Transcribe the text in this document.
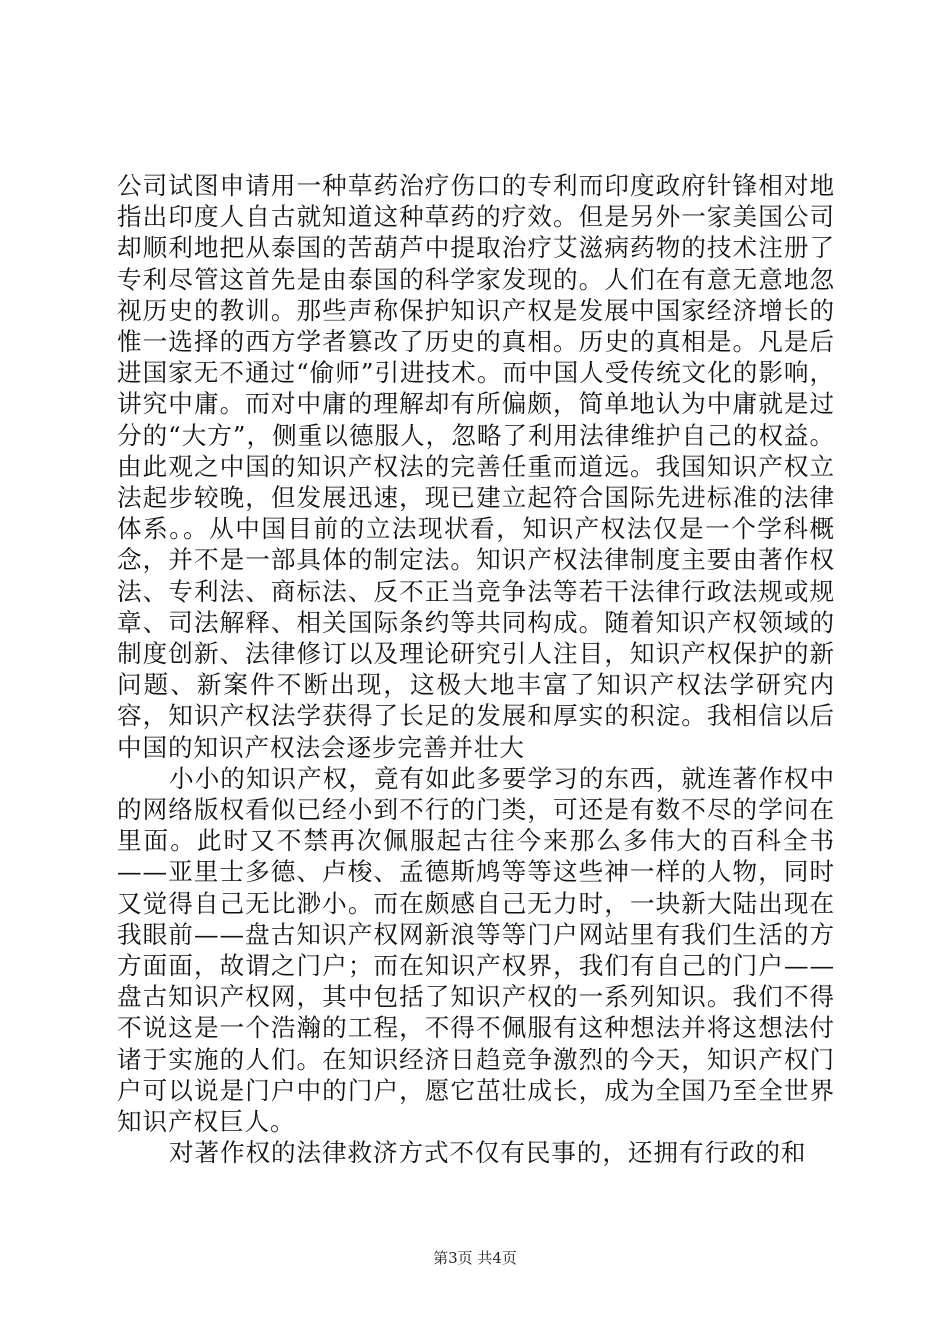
公司试图申请用一种草药治疗伤口的专利而印度政府针锋相对地指出印度人自古就知道这种草药的疗效。但是另外一家美国公司却顺利地把从泰国的苦葫芦中提取治疗艾滋病药物的技术注册了专利尽管这首先是由泰国的科学家发现的。人们在有意无意地忽视历史的教训。那些声称保护知识产权是发展中国家经济增长的惟一选择的西方学者篡改了历史的真相。历史的真相是。凡是后进国家无不通过“偷师”引进技术。而中国人受传统文化的影响，讲究中庸。而对中庸的理解却有所偏颇，简单地认为中庸就是过分的“大方”，侧重以德服人，忽略了利用法律维护自己的权益。由此观之中国的知识产权法的完善任重而道远。我国知识产权立法起步较晚，但发展迅速，现已建立起符合国际先进标准的法律体系。。从中国目前的立法现状看，知识产权法仅是一个学科概念，并不是一部具体的制定法。知识产权法律制度主要由著作权法、专利法、商标法、反不正当竞争法等若干法律行政法规或规章、司法解释、相关国际条约等共同构成。随着知识产权领域的制度创新、法律修订以及理论研究引人注目，知识产权保护的新问题、新案件不断出现，这极大地丰富了知识产权法学研究内容，知识产权法学获得了长足的发展和厚实的积淀。我相信以后中国的知识产权法会逐步完善并壮大

小小的知识产权，竟有如此多要学习的东西，就连著作权中的网络版权看似已经小到不行的门类，可还是有数不尽的学问在里面。此时又不禁再次佩服起古往今来那么多伟大的百科全书——亚里士多德、卢梭、孟德斯鸠等等这些神一样的人物，同时又觉得自己无比渺小。而在颇感自己无力时，一块新大陆出现在我眼前——盘古知识产权网新浪等等门户网站里有我们生活的方方面面，故谓之门户；而在知识产权界，我们有自己的门户——盘古知识产权网，其中包括了知识产权的一系列知识。我们不得不说这是一个浩瀚的工程，不得不佩服有这种想法并将这想法付诸于实施的人们。在知识经济日趋竞争激烈的今天，知识产权门户可以说是门户中的门户，愿它茁壮成长，成为全国乃至全世界知识产权巨人。

对著作权的法律救济方式不仅有民事的，还拥有行政的和

第3页 共4页
